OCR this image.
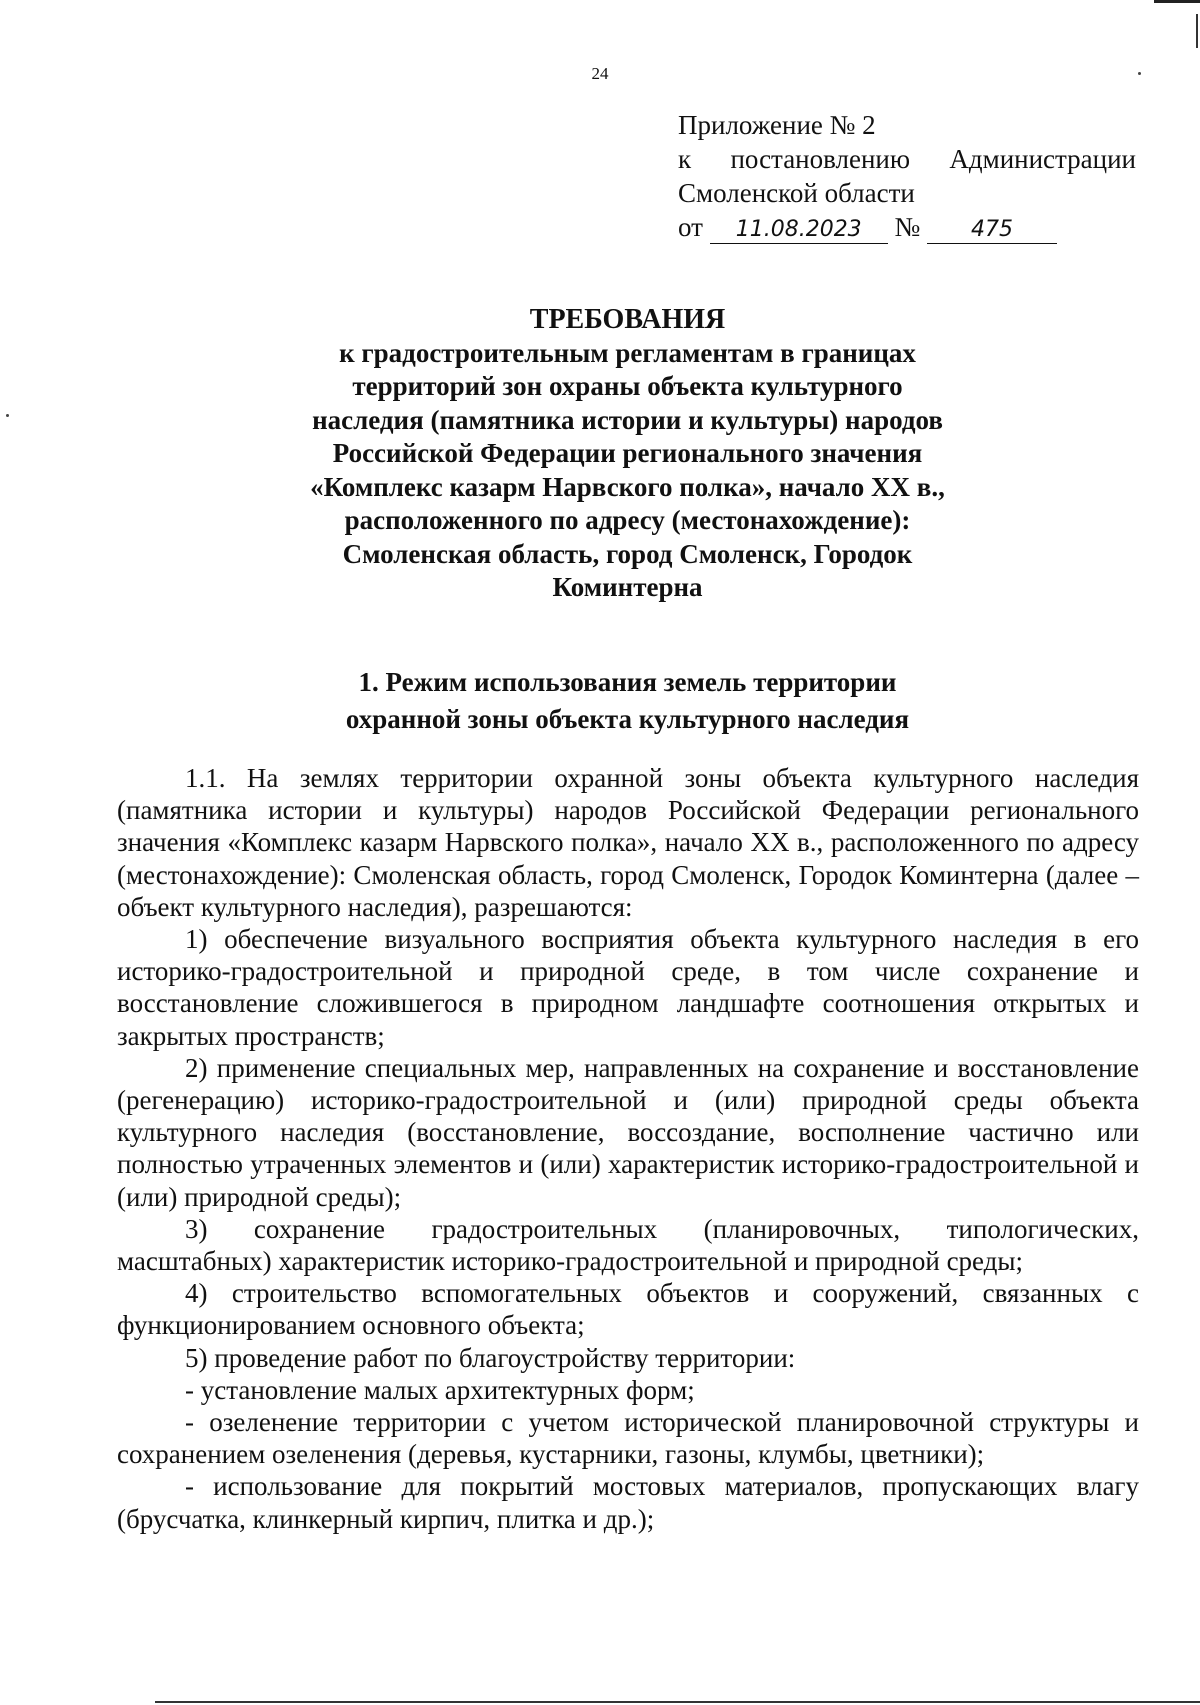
24
Приложение № 2
к постановлению Администрации
Смоленской области
от 11.08.2023 № 475
ТРЕБОВАНИЯ
к градостроительным регламентам в границах
территорий зон охраны объекта культурного
наследия (памятника истории и культуры) народов
Российской Федерации регионального значения
«Комплекс казарм Нарвского полка», начало XX в.,
расположенного по адресу (местонахождение):
Смоленская область, город Смоленск, Городок
Коминтерна
1. Режим использования земель территории
охранной зоны объекта культурного наследия

1.1. На землях территории охранной зоны объекта культурного наследия (памятника истории и культуры) народов Российской Федерации регионального значения «Комплекс казарм Нарвского полка», начало XX в., расположенного по адресу (местонахождение): Смоленская область, город Смоленск, Городок Коминтерна (далее – объект культурного наследия), разрешаются:

1) обеспечение визуального восприятия объекта культурного наследия в его историко-градостроительной и природной среде, в том числе сохранение и восстановление сложившегося в природном ландшафте соотношения открытых и закрытых пространств;

2) применение специальных мер, направленных на сохранение и восстановление (регенерацию) историко-градостроительной и (или) природной среды объекта культурного наследия (восстановление, воссоздание, восполнение частично или полностью утраченных элементов и (или) характеристик историко-градостроительной и (или) природной среды);

3) сохранение градостроительных (планировочных, типологических, масштабных) характеристик историко-градостроительной и природной среды;

4) строительство вспомогательных объектов и сооружений, связанных с функционированием основного объекта;

5) проведение работ по благоустройству территории:

- установление малых архитектурных форм;

- озеленение территории с учетом исторической планировочной структуры и сохранением озеленения (деревья, кустарники, газоны, клумбы, цветники);

- использование для покрытий мостовых материалов, пропускающих влагу (брусчатка, клинкерный кирпич, плитка и др.);
